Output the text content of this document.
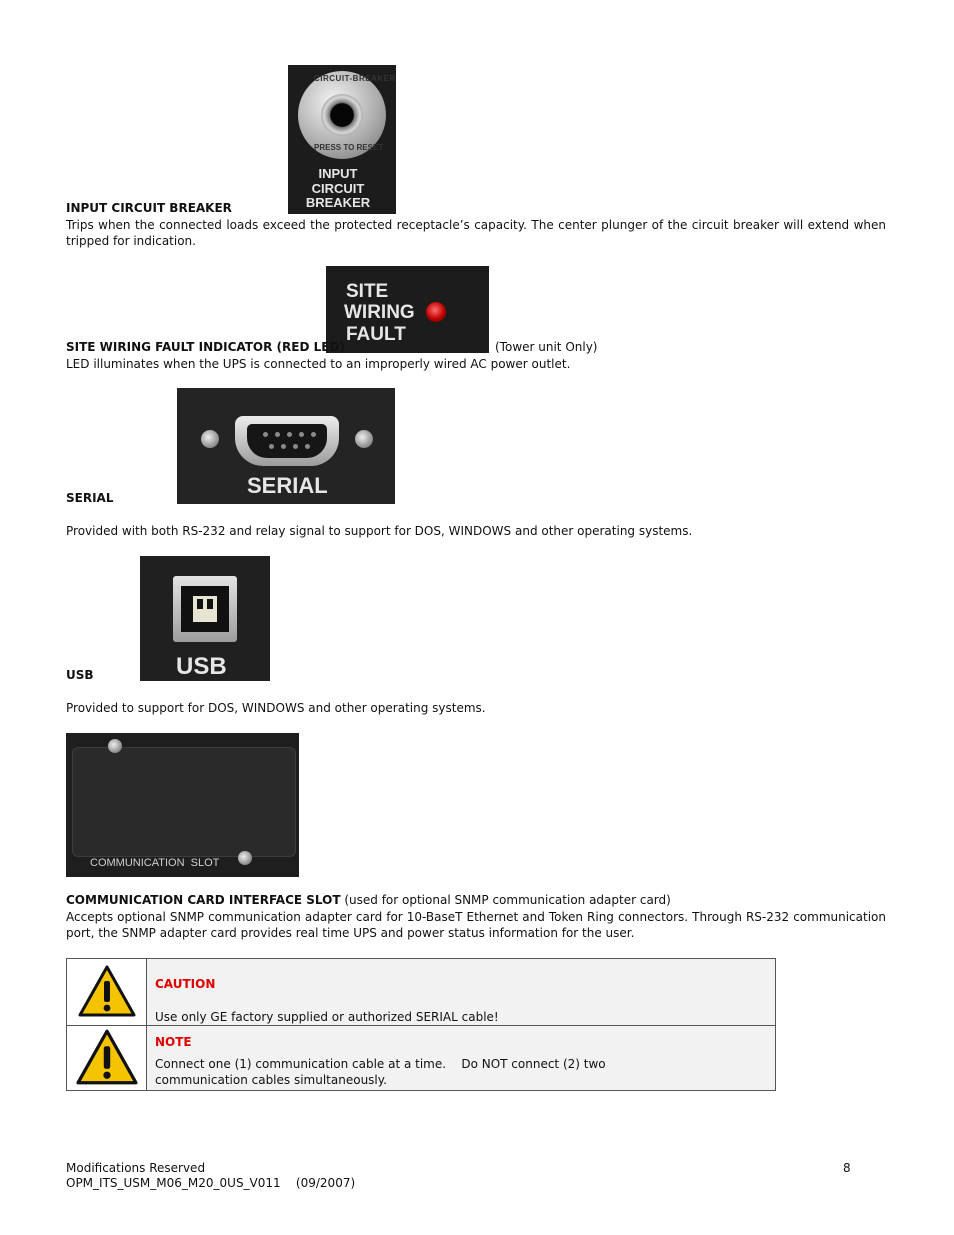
CIRCUIT-BREAKER
PRESS TO RESET
INPUT
CIRCUIT
BREAKER
INPUT CIRCUIT BREAKER
Trips when the connected loads exceed the protected receptacle’s capacity. The center plunger of the circuit breaker will extend when tripped for indication.
SITE
WIRING
FAULT
SITE WIRING FAULT INDICATOR (RED LED)	(Tower unit Only)
LED illuminates when the UPS is connected to an improperly wired AC power outlet.
SERIAL
SERIAL
Provided with both RS-232 and relay signal to support for DOS, WINDOWS and other operating systems.
USB
USB
Provided to support for DOS, WINDOWS and other operating systems.
COMMUNICATION  SLOT
COMMUNICATION CARD INTERFACE SLOT (used for optional SNMP communication adapter card)
Accepts optional SNMP communication adapter card for 10-BaseT Ethernet and Token Ring connectors. Through RS-232 communication port, the SNMP adapter card provides real time UPS and power status information for the user.

CAUTION
Use only GE factory supplied or authorized SERIAL cable!

NOTE
Connect one (1) communication cable at a time.    Do NOT connect (2) two
communication cables simultaneously.
Modifications Reserved
OPM_ITS_USM_M06_M20_0US_V011    (09/2007)
8
